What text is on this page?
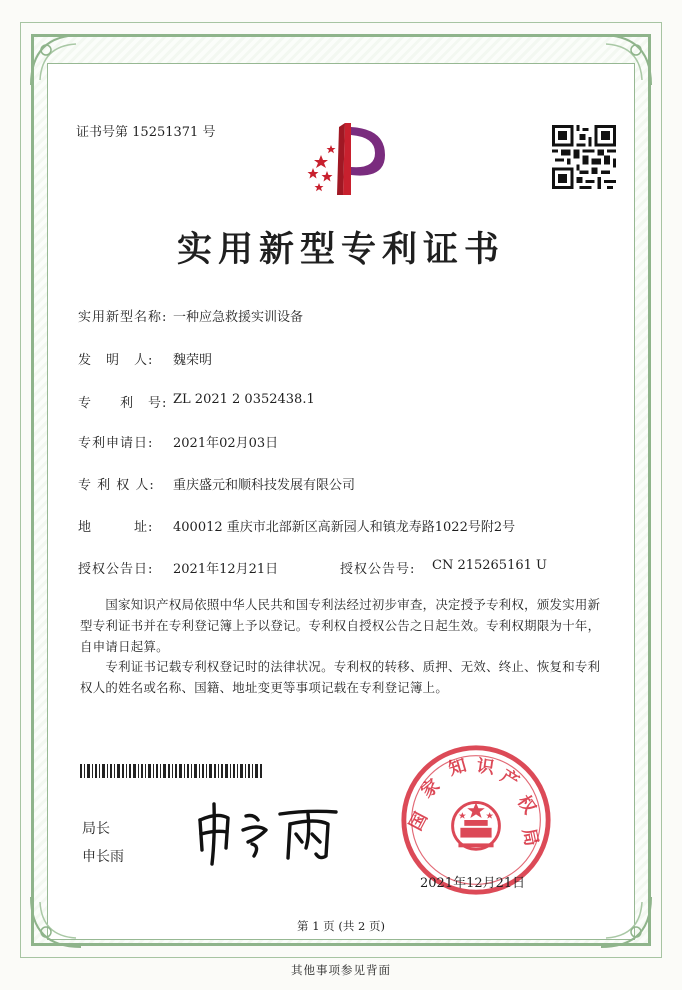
证书号第 15251371 号
实用新型专利证书
实用新型名称: 一种应急救援实训设备
发　明　人: 魏荣明
专　　利　号: ZL 2021 2 0352438.1
专利申请日: 2021年02月03日
专 利 权 人: 重庆盛元和顺科技发展有限公司
地　　　址: 400012 重庆市北部新区高新园人和镇龙寿路1022号附2号
授权公告日: 2021年12月21日	授权公告号: CN 215265161 U
　　国家知识产权局依照中华人民共和国专利法经过初步审查，决定授予专利权，颁发实用新型专利证书并在专利登记簿上予以登记。专利权自授权公告之日起生效。专利权期限为十年，自申请日起算。
　　专利证书记载专利权登记时的法律状况。专利权的转移、质押、无效、终止、恢复和专利权人的姓名或名称、国籍、地址变更等事项记载在专利登记簿上。
局长
申长雨
国
家
知 识 产
权
局
2021年12月21日
第 1 页 (共 2 页)
其他事项参见背面
